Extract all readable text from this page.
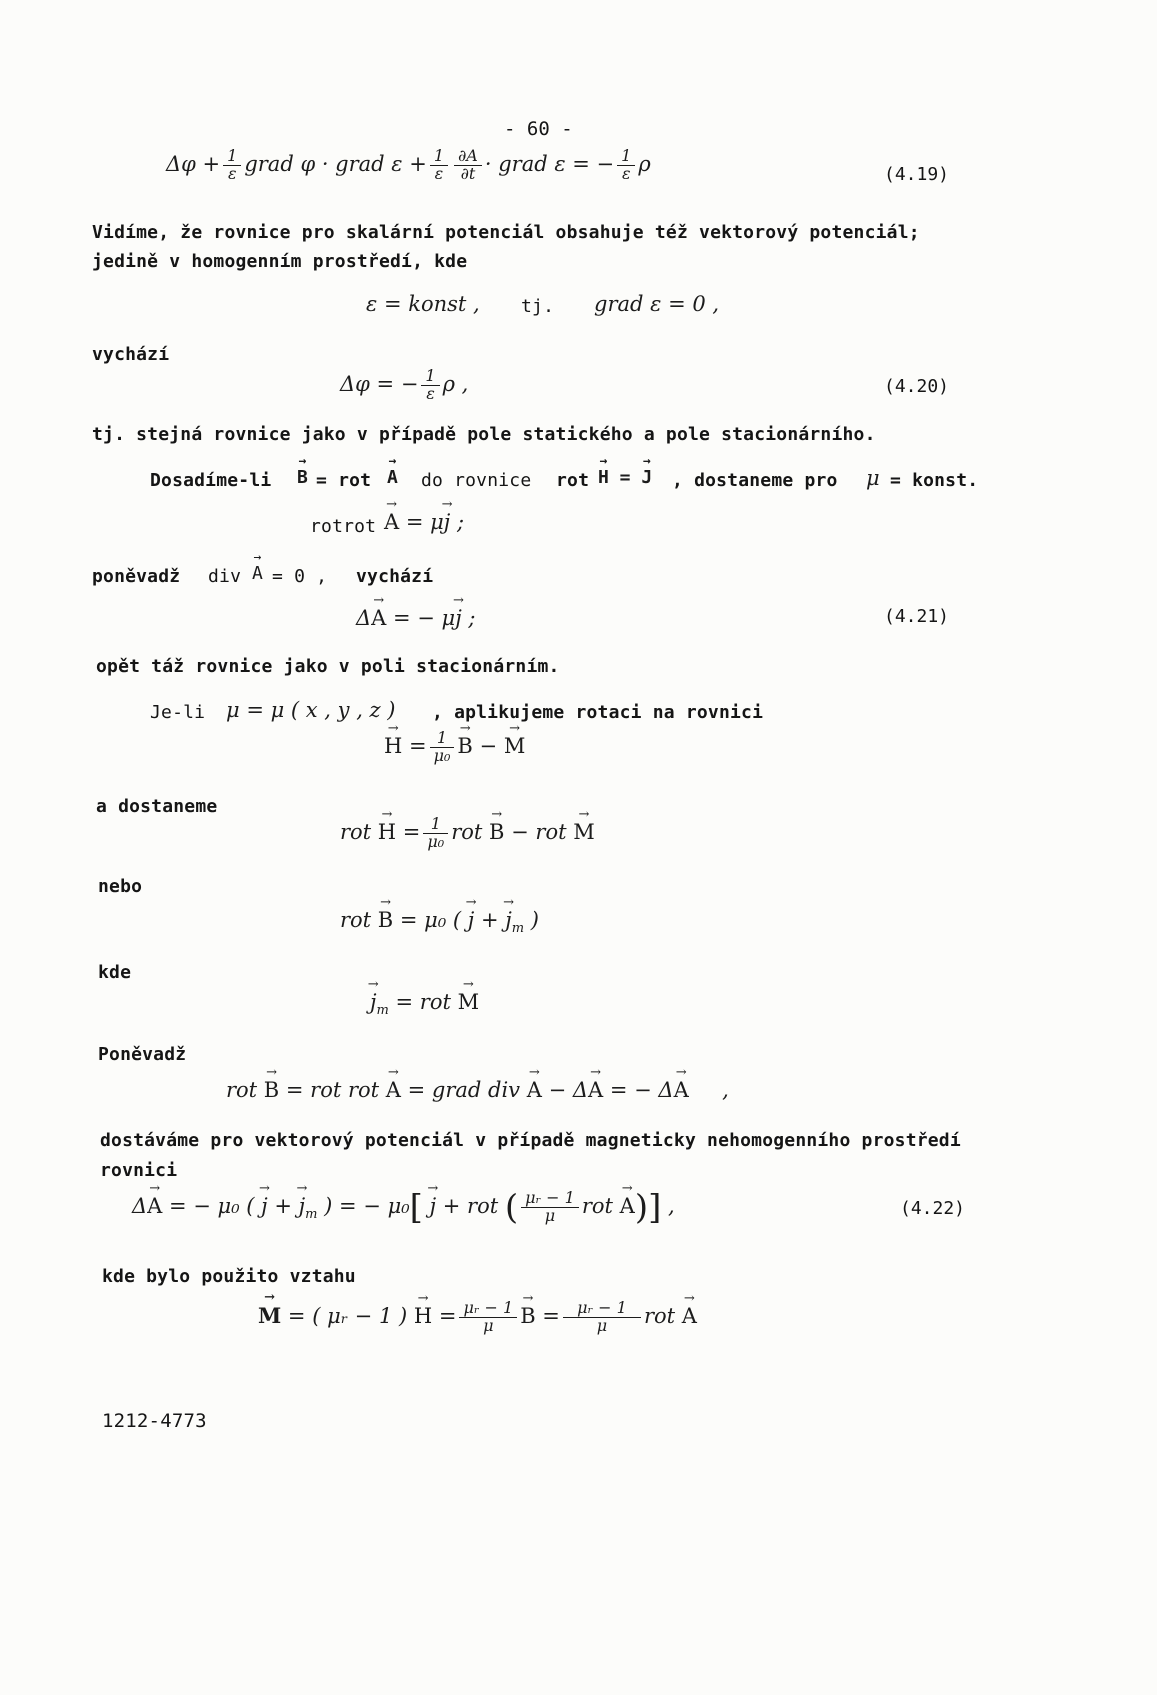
- 60 -
$\Delta\varphi + \frac{1}{\varepsilon}$ grad φ · grad $\varepsilon + \frac{1}{\varepsilon} \frac{\partial A}{\partial t}$ · grad ε = − $\frac{1}{\varepsilon}$ ρ	(4.19)
Vidíme, že rovnice pro skalární potenciál obsahuje též vektorový potenciál;
jedině v homogenním prostředí, kde
ε = konst , tj. grad ε = 0 ,
vychází
Δφ = − $\frac{1}{\varepsilon}$ ρ ,	(4.20)
tj. stejná rovnice jako v případě pole statického a pole stacionárního.
Dosadíme-li
→ B = rot
→ A do rovnice rot
→ H = → J , dostaneme pro μ = konst.
rotrot
→ A = μ→ j ;
poněvadž div
→ A = 0 , vychází
Δ→ A = − μ→ j ;	(4.21)
opět táž rovnice jako v poli stacionárním.
Je-li μ = μ ( x , y , z ) , aplikujeme rotaci na rovnici
→ $H = \frac{1}{\text{μ₀}}$
→ B − → M
a dostaneme
rot → $H = \frac{1}{\text{μ₀}}$ rot → B − rot → M
nebo
rot → B = μ₀ ( → j + → $j_m$ )
kde
→ $j_m$ = rot → M
Poněvadž
rot → B = rot rot → A = grad div → A − Δ→ A = − Δ→ A     ,
dostáváme pro vektorový potenciál v případě magneticky nehomogenního prostředí
rovnici
Δ→ A = − μ₀ ( → j + → $j_m$ ) = − μ₀[ → j + rot ( $\frac{\text{μᵣ − 1}}{\mu}$ rot → A)] ,	(4.22)
kde bylo použito vztahu
→ M = ( μᵣ − 1 ) → $H = \frac{\text{μᵣ − 1}}{\mu}$
→ $B = \frac{\text{μᵣ − 1}}{\mu}$ rot → A
1212-4773
